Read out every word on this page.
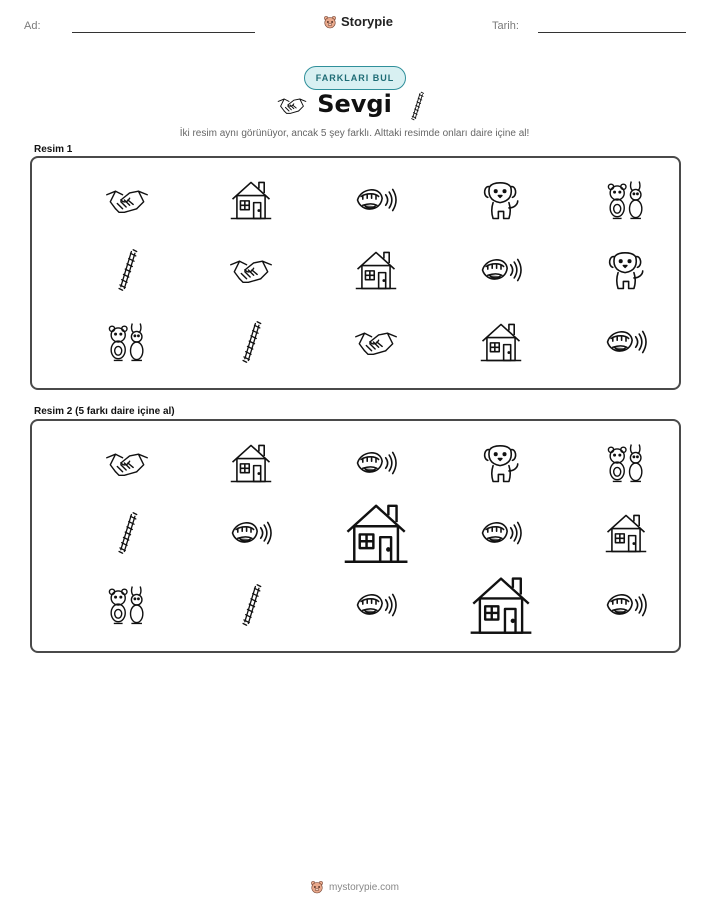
Ad:	Storypie	Tarih:
FARKLARI BUL
Sevgi
İki resim aynı görünüyor, ancak 5 şey farklı. Alttaki resimde onları daire içine al!
Resim 1
Resim 2 (5 farkı daire içine al)
mystorypie.com
